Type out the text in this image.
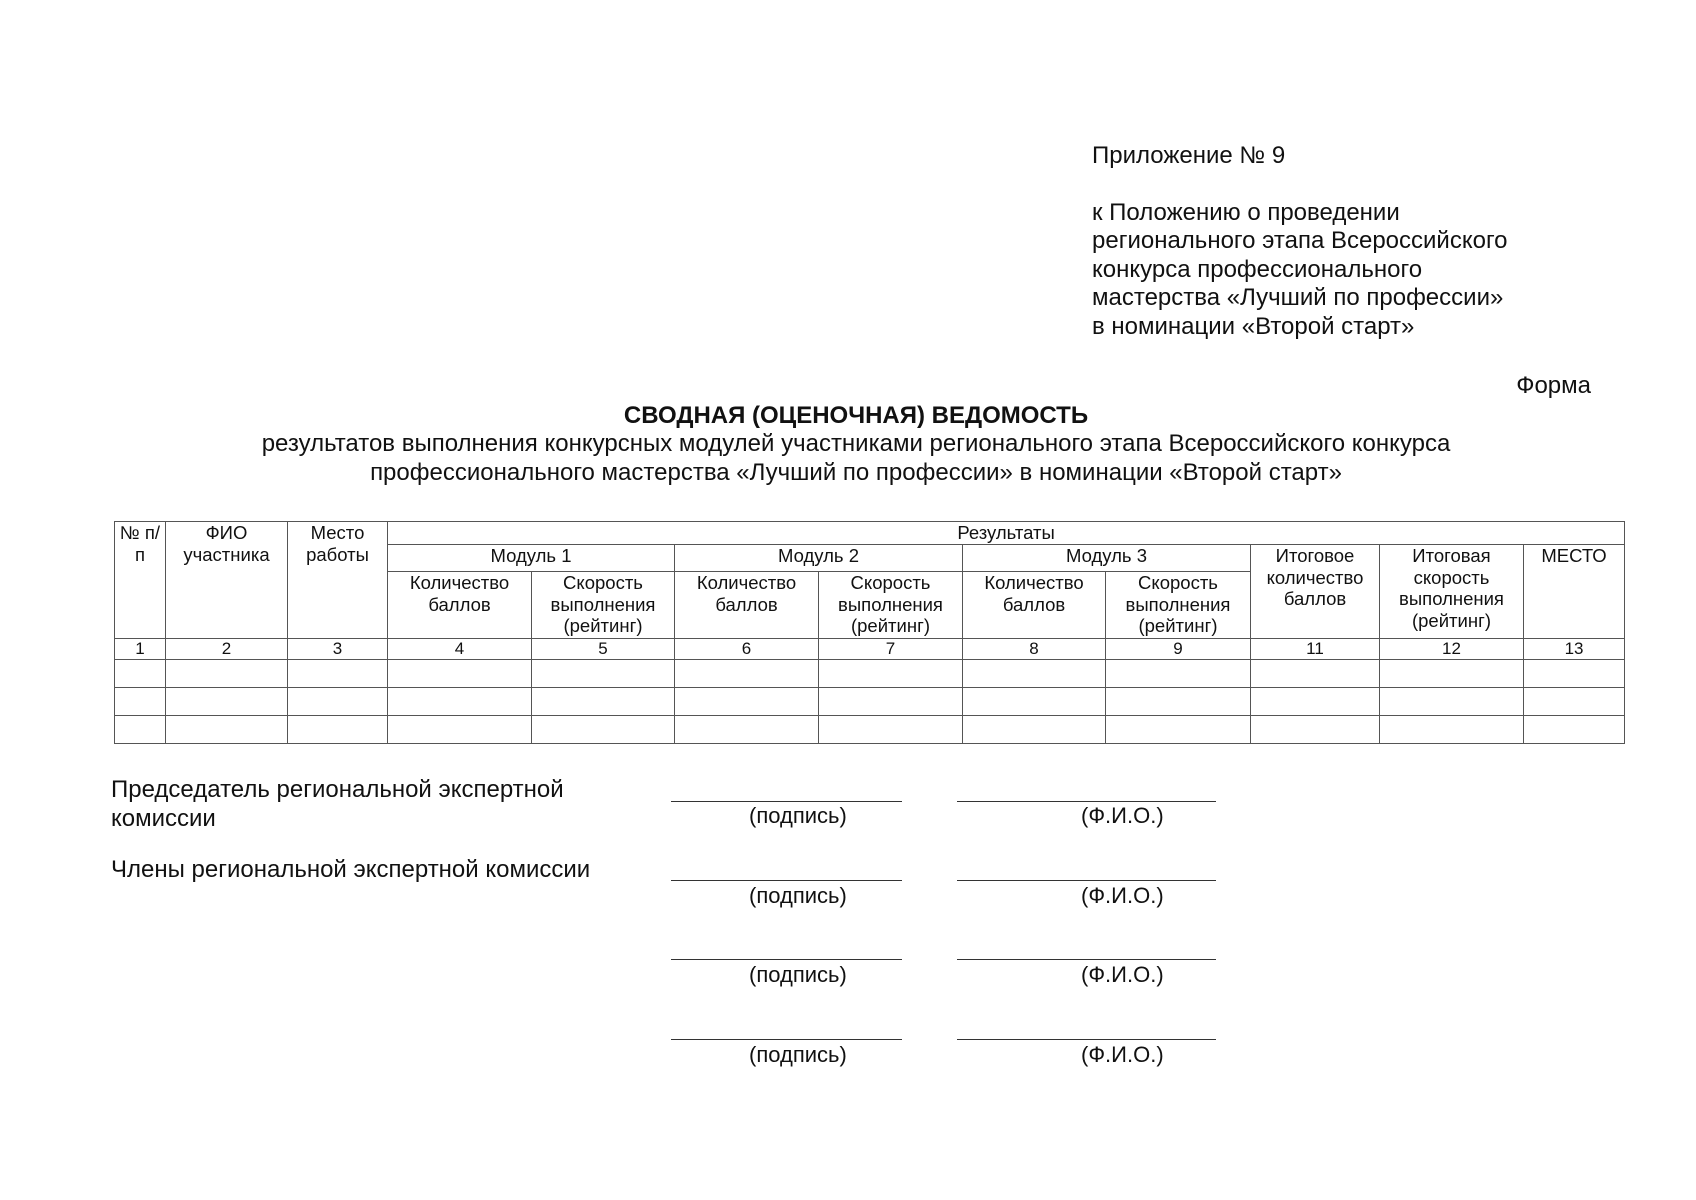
Приложение № 9
к Положению о проведении
регионального этапа Всероссийского
конкурса профессионального
мастерства «Лучший по профессии»
в номинации «Второй старт»
Форма
СВОДНАЯ (ОЦЕНОЧНАЯ) ВЕДОМОСТЬ
результатов выполнения конкурсных модулей участниками регионального этапа Всероссийского конкурса
профессионального мастерства «Лучший по профессии» в номинации «Второй старт»
№ п/п	ФИО участника	Место работы	Результаты								
			Модуль 1		Модуль 2		Модуль 3		Итоговое количество баллов	Итоговая скорость выполнения (рейтинг)	МЕСТО
			Количество баллов	Скорость выполнения (рейтинг)	Количество баллов	Скорость выполнения (рейтинг)	Количество баллов	Скорость выполнения (рейтинг)			
1	2	3	4	5	6	7	8	9	11	12	13

Председатель региональной экспертной комиссии
Члены региональной экспертной комиссии
(подпись)	(Ф.И.О.)
(подпись)	(Ф.И.О.)
(подпись)	(Ф.И.О.)
(подпись)	(Ф.И.О.)
